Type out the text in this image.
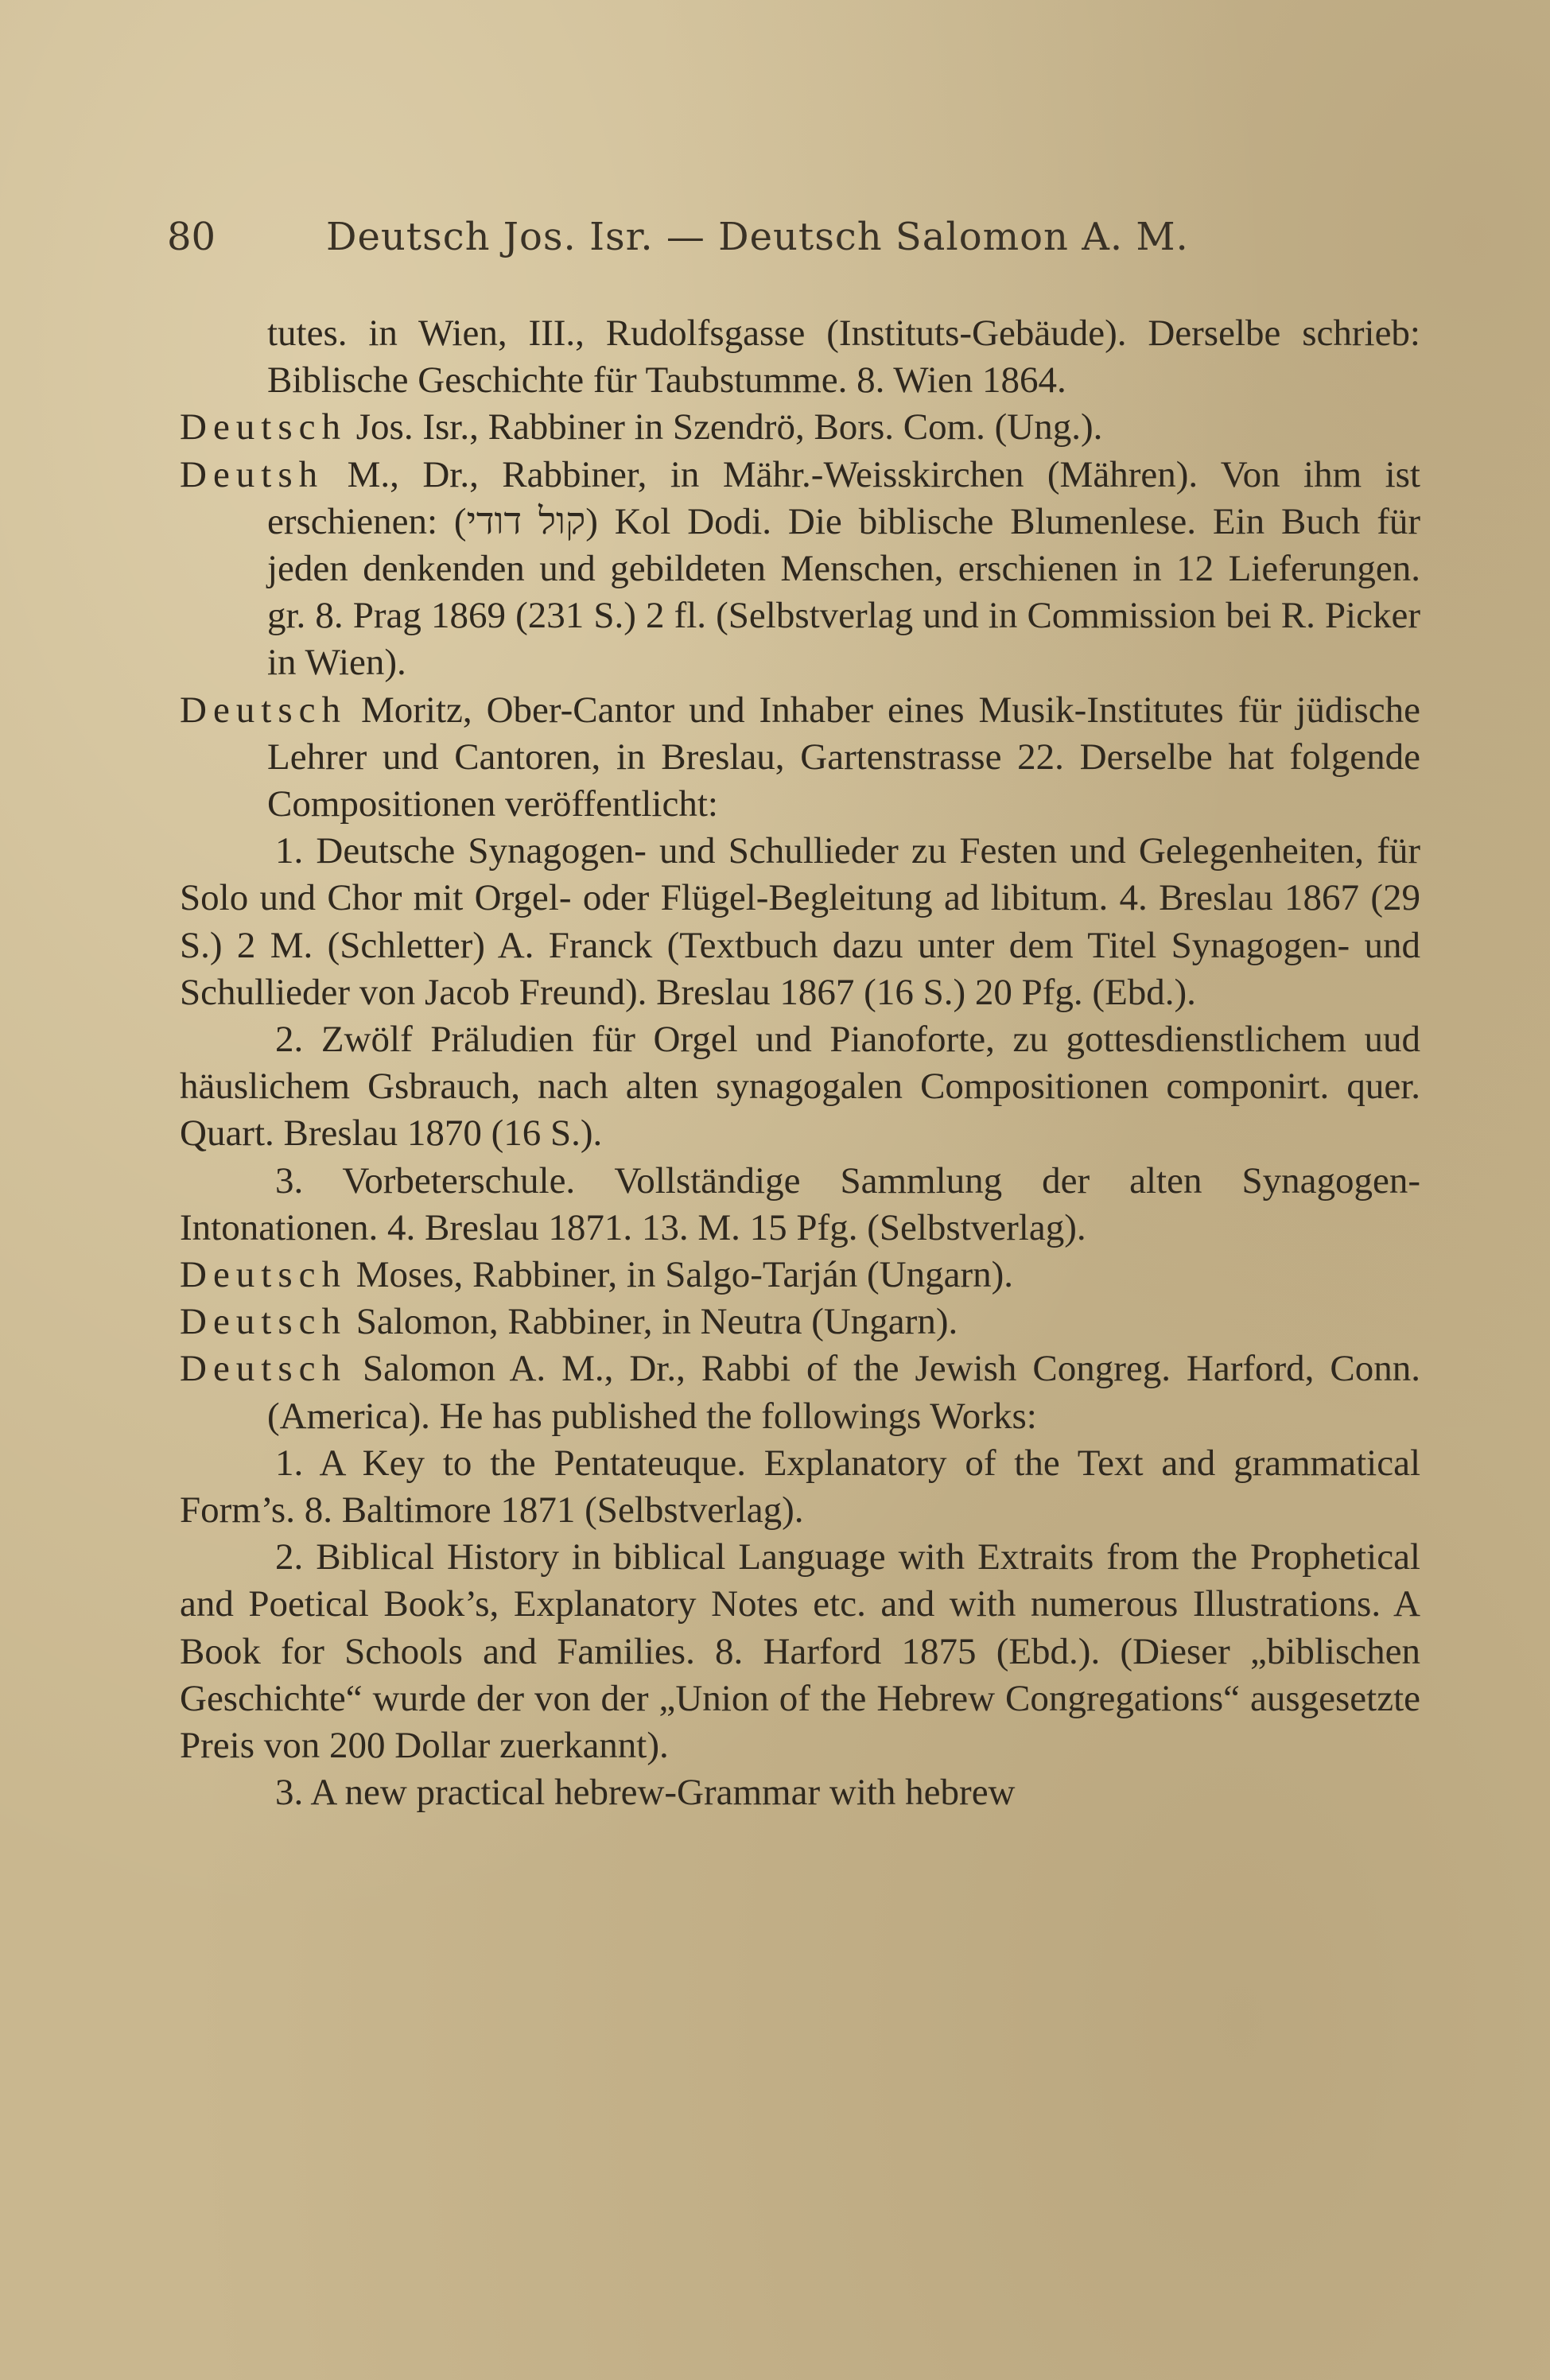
80	Deutsch Jos. Isr. — Deutsch Salomon A. M.

tutes. in Wien, III., Rudolfsgasse (Instituts-Gebäude). Derselbe schrieb: Biblische Geschichte für Taubstumme. 8. Wien 1864.

Deutsch Jos. Isr., Rabbiner in Szendrö, Bors. Com. (Ung.).

Deutsh M., Dr., Rabbiner, in Mähr.-Weisskirchen (Mähren). Von ihm ist erschienen: (קול דודי) Kol Dodi. Die biblische Blumenlese. Ein Buch für jeden denkenden und gebildeten Menschen, erschienen in 12 Lieferungen. gr. 8. Prag 1869 (231 S.) 2 fl. (Selbstverlag und in Commission bei R. Picker in Wien).

Deutsch Moritz, Ober-Cantor und Inhaber eines Musik-Institutes für jüdische Lehrer und Cantoren, in Breslau, Gartenstrasse 22. Derselbe hat folgende Compositionen veröffentlicht:

1. Deutsche Synagogen- und Schullieder zu Festen und Gelegenheiten, für Solo und Chor mit Orgel- oder Flügel-Begleitung ad libitum. 4. Breslau 1867 (29 S.) 2 M. (Schletter) A. Franck (Textbuch dazu unter dem Titel Synagogen- und Schullieder von Jacob Freund). Breslau 1867 (16 S.) 20 Pfg. (Ebd.).

2. Zwölf Präludien für Orgel und Pianoforte, zu gottesdienstlichem uud häuslichem Gsbrauch, nach alten synagogalen Compositionen componirt. quer. Quart. Breslau 1870 (16 S.).

3. Vorbeterschule. Vollständige Sammlung der alten Synagogen-Intonationen. 4. Breslau 1871. 13. M. 15 Pfg. (Selbstverlag).

Deutsch Moses, Rabbiner, in Salgo-Tarján (Ungarn).

Deutsch Salomon, Rabbiner, in Neutra (Ungarn).

Deutsch Salomon A. M., Dr., Rabbi of the Jewish Congreg. Harford, Conn. (America). He has published the followings Works:

1. A Key to the Pentateuque. Explanatory of the Text and grammatical Form’s. 8. Baltimore 1871 (Selbstverlag).

2. Biblical History in biblical Language with Extraits from the Prophetical and Poetical Book’s, Explanatory Notes etc. and with numerous Illustrations. A Book for Schools and Families. 8. Harford 1875 (Ebd.). (Dieser „biblischen Geschichte“ wurde der von der „Union of the Hebrew Congregations“ ausgesetzte Preis von 200 Dollar zuerkannt).

3. A new practical hebrew-Grammar with hebrew
